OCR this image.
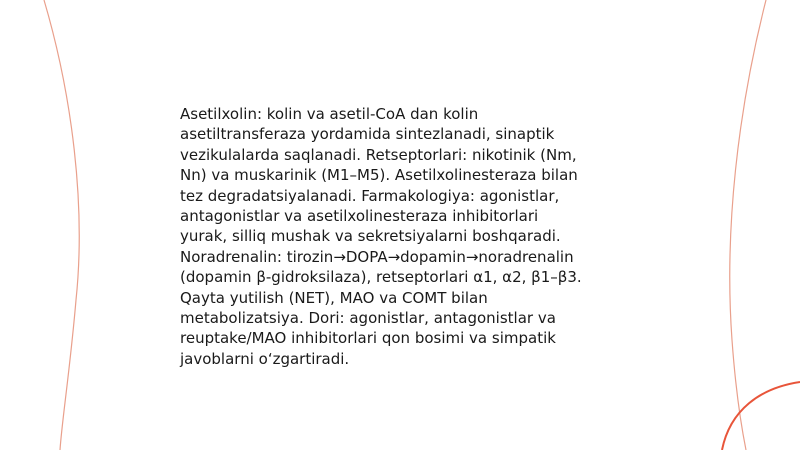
Asetilxolin: kolin va asetil-CoA dan kolin
asetiltransferaza yordamida sintezlanadi, sinaptik
vezikulalarda saqlanadi. Retseptorlari: nikotinik (Nm,
Nn) va muskarinik (M1–M5). Asetilxolinesteraza bilan
tez degradatsiyalanadi. Farmakologiya: agonistlar,
antagonistlar va asetilxolinesteraza inhibitorlari
yurak, silliq mushak va sekretsiyalarni boshqaradi.
Noradrenalin: tirozin→DOPA→dopamin→noradrenalin
(dopamin β-gidroksilaza), retseptorlari α1, α2, β1–β3.
Qayta yutilish (NET), MAO va COMT bilan
metabolizatsiya. Dori: agonistlar, antagonistlar va
reuptake/MAO inhibitorlari qon bosimi va simpatik
javoblarni o‘zgartiradi.
